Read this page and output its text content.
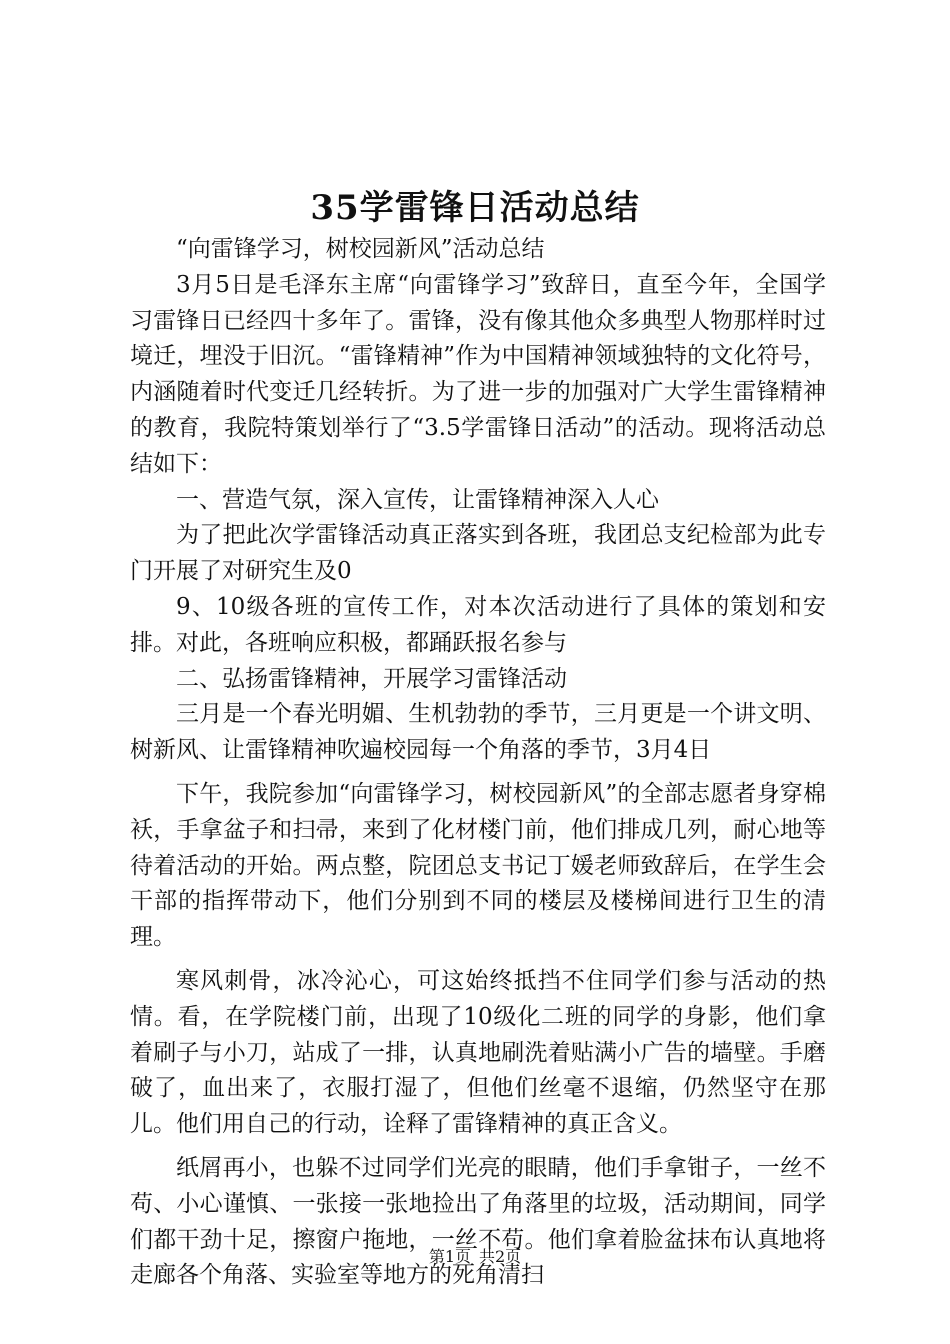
35学雷锋日活动总结

“向雷锋学习，树校园新风”活动总结

3月5日是毛泽东主席“向雷锋学习”致辞日，直至今年，全国学习雷锋日已经四十多年了。雷锋，没有像其他众多典型人物那样时过境迁，埋没于旧沉。“雷锋精神”作为中国精神领域独特的文化符号，内涵随着时代变迁几经转折。为了进一步的加强对广大学生雷锋精神的教育，我院特策划举行了“3.5学雷锋日活动”的活动。现将活动总结如下：

一、营造气氛，深入宣传，让雷锋精神深入人心

为了把此次学雷锋活动真正落实到各班，我团总支纪检部为此专门开展了对研究生及0

9、10级各班的宣传工作，对本次活动进行了具体的策划和安排。对此，各班响应积极，都踊跃报名参与

二、弘扬雷锋精神，开展学习雷锋活动

三月是一个春光明媚、生机勃勃的季节，三月更是一个讲文明、树新风、让雷锋精神吹遍校园每一个角落的季节，3月4日

下午，我院参加“向雷锋学习，树校园新风”的全部志愿者身穿棉袄，手拿盆子和扫帚，来到了化材楼门前，他们排成几列，耐心地等待着活动的开始。两点整，院团总支书记丁媛老师致辞后，在学生会干部的指挥带动下，他们分别到不同的楼层及楼梯间进行卫生的清理。

寒风刺骨，冰冷沁心，可这始终抵挡不住同学们参与活动的热情。看，在学院楼门前，出现了10级化二班的同学的身影，他们拿着刷子与小刀，站成了一排，认真地刷洗着贴满小广告的墙壁。手磨破了，血出来了，衣服打湿了，但他们丝毫不退缩，仍然坚守在那儿。他们用自己的行动，诠释了雷锋精神的真正含义。

纸屑再小，也躲不过同学们光亮的眼睛，他们手拿钳子，一丝不苟、小心谨慎、一张接一张地捡出了角落里的垃圾，活动期间，同学们都干劲十足，擦窗户拖地，一丝不苟。他们拿着脸盆抹布认真地将走廊各个角落、实验室等地方的死角清扫

第1页 共2页
